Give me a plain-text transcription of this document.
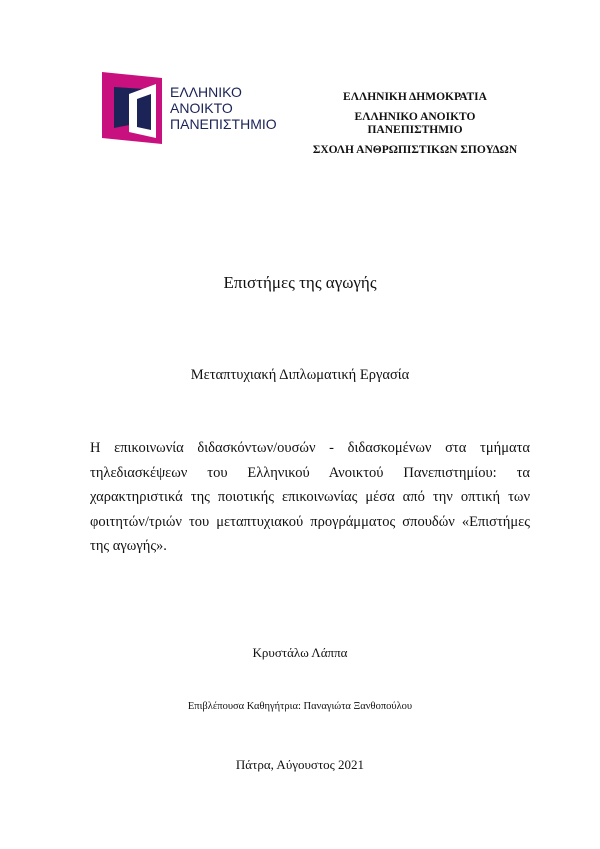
ΕΛΛΗΝΙΚΟ
ΑΝΟΙΚΤΟ
ΠΑΝΕΠΙΣΤΗΜΙΟ
ΕΛΛΗΝΙΚΗ ΔΗΜΟΚΡΑΤΙΑ
ΕΛΛΗΝΙΚΟ ΑΝΟΙΚΤΟ
ΠΑΝΕΠΙΣΤΗΜΙΟ
ΣΧΟΛΗ ΑΝΘΡΩΠΙΣΤΙΚΩΝ ΣΠΟΥΔΩΝ
Επιστήμες της αγωγής
Μεταπτυχιακή Διπλωματική Εργασία
Η επικοινωνία διδασκόντων/ουσών - διδασκομένων στα τμήματα τηλεδιασκέψεων του Ελληνικού Ανοικτού Πανεπιστημίου: τα χαρακτηριστικά της ποιοτικής επικοινωνίας μέσα από την οπτική των φοιτητών/τριών του μεταπτυχιακού προγράμματος σπουδών «Επιστήμες της αγωγής».
Κρυστάλω Λάππα
Επιβλέπουσα Καθηγήτρια: Παναγιώτα Ξανθοπούλου
Πάτρα, Αύγουστος 2021
